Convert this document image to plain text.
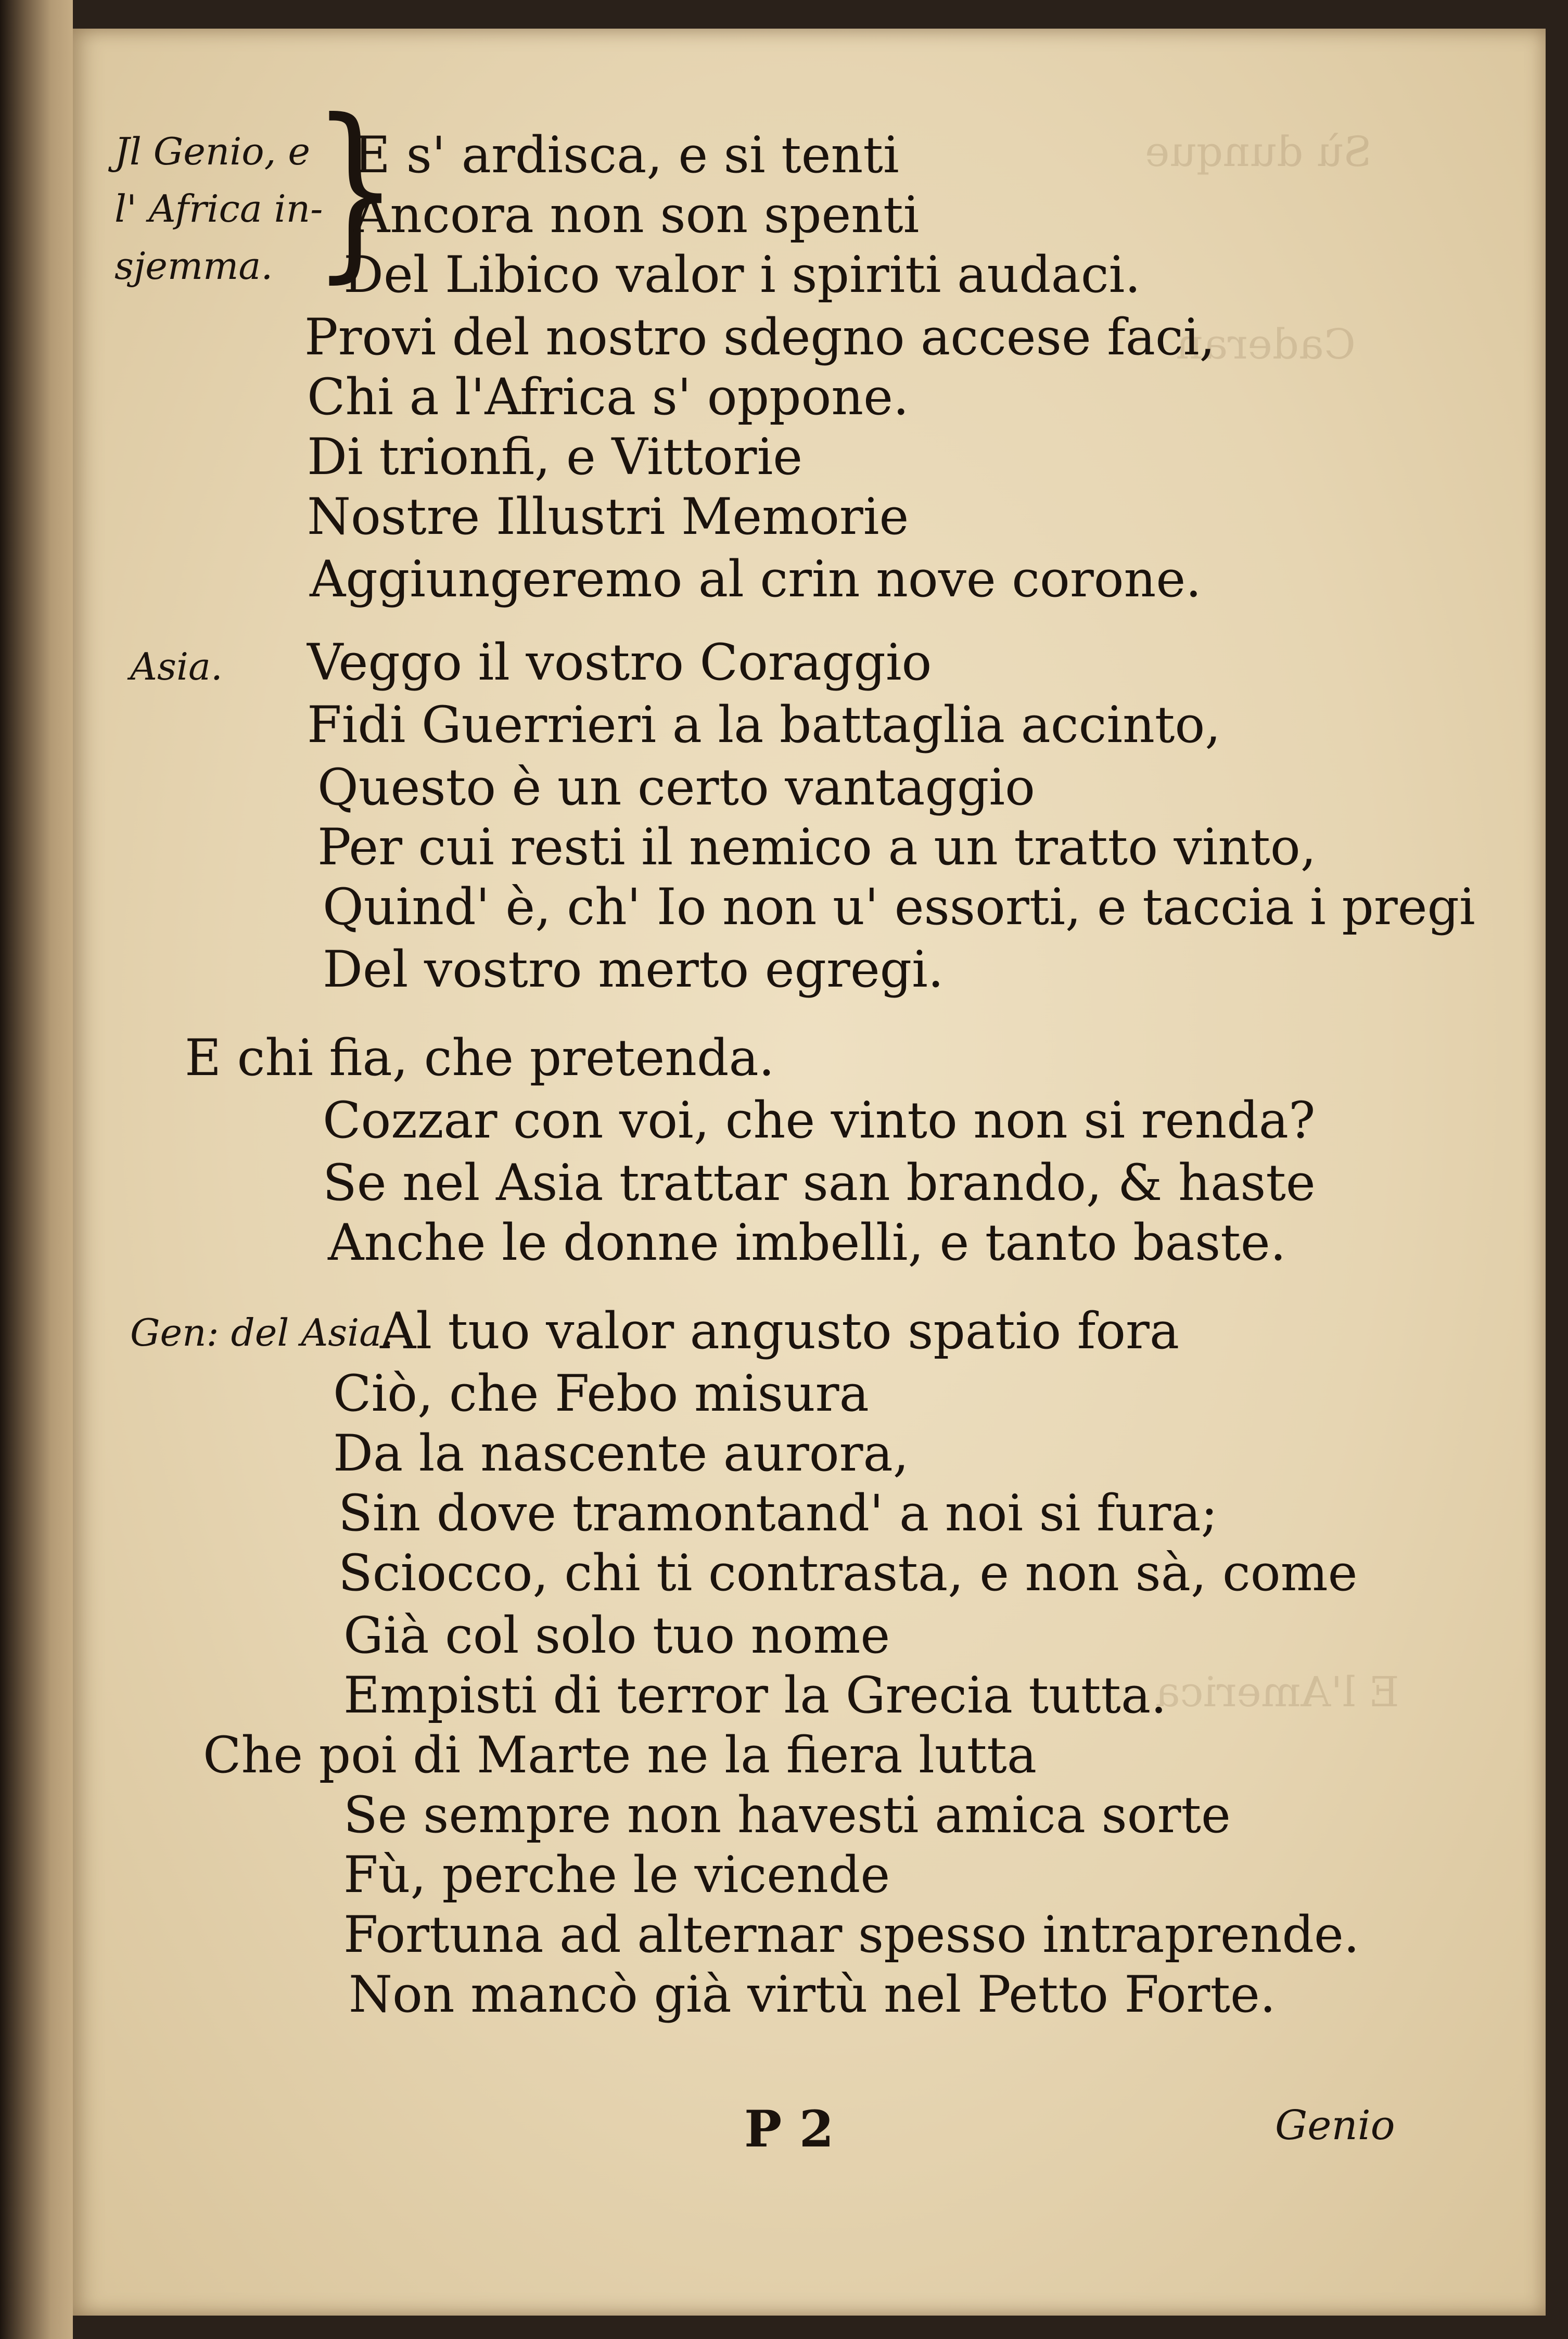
Sù dunque
Caderan
E l'America
Jl Genio, e
l' Africa in-
sjemma. }
E s' ardisca, e si tenti
Ancora non son spenti
Del Libico valor i spiriti audaci.
Provi del nostro sdegno accese faci,
Chi a l'Africa s' oppone.
Di trionfi, e Vittorie
Nostre Illustri Memorie
Aggiungeremo al crin nove corone.
Asia. Veggo il vostro Coraggio
Fidi Guerrieri a la battaglia accinto,
Questo è un certo vantaggio
Per cui resti il nemico a un tratto vinto,
Quind' è, ch' Io non u' essorti, e taccia i pregi
Del vostro merto egregi.
E chi fia, che pretenda.
Cozzar con voi, che vinto non si renda?
Se nel Asia trattar san brando, & haste
Anche le donne imbelli, e tanto baste.
Gen: del Asia.
Al tuo valor angusto spatio fora
Ciò, che Febo misura
Da la nascente aurora,
Sin dove tramontand' a noi si fura;
Sciocco, chi ti contrasta, e non sà, come
Già col solo tuo nome
Empisti di terror la Grecia tutta.
Che poi di Marte ne la fiera lutta
Se sempre non havesti amica sorte
Fù, perche le vicende
Fortuna ad alternar spesso intraprende.
Non mancò già virtù nel Petto Forte.
P 2	Genio
